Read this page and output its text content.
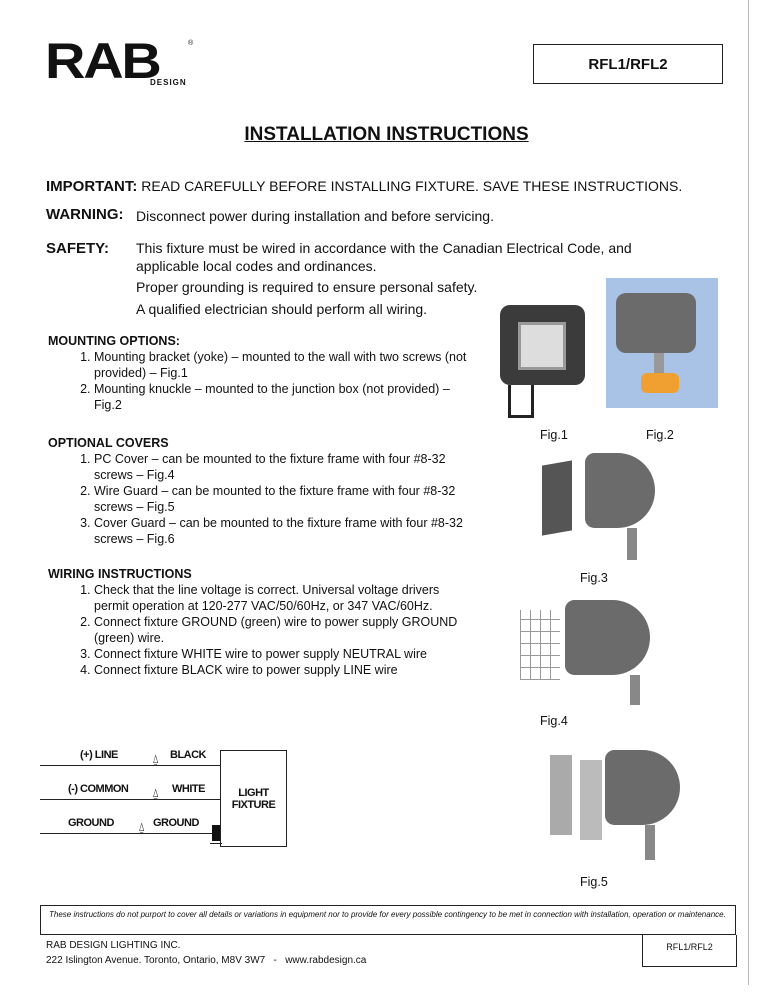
RAB	®
DESIGN
RFL1/RFL2
INSTALLATION INSTRUCTIONS
IMPORTANT: READ CAREFULLY BEFORE INSTALLING FIXTURE. SAVE THESE INSTRUCTIONS.
WARNING: Disconnect power during installation and before servicing.
SAFETY: This fixture must be wired in accordance with the Canadian Electrical Code, and applicable local codes and ordinances.
Proper grounding is required to ensure personal safety.
A qualified electrician should perform all wiring.
MOUNTING OPTIONS:
1. Mounting bracket (yoke) – mounted to the wall with two screws (not provided) – Fig.1
2. Mounting knuckle – mounted to the junction box (not provided) – Fig.2
OPTIONAL COVERS
1. PC Cover – can be mounted to the fixture frame with four #8-32 screws – Fig.4
2. Wire Guard – can be mounted to the fixture frame with four #8-32 screws – Fig.5
3. Cover Guard – can be mounted to the fixture frame with four #8-32 screws – Fig.6
WIRING INSTRUCTIONS
1. Check that the line voltage is correct. Universal voltage drivers permit operation at 120-277 VAC/50/60Hz, or 347 VAC/60Hz.
2. Connect fixture GROUND (green) wire to power supply GROUND (green) wire.
3. Connect fixture WHITE wire to power supply NEUTRAL wire
4. Connect fixture BLACK wire to power supply LINE wire
Fig.1	Fig.2
Fig.3
Fig.4
Fig.5
(+) LINE	BLACK
(-) COMMON	WHITE
GROUND	GROUND
⍙
⍙
⍙
LIGHT
FIXTURE
These instructions do not purport to cover all details or variations in equipment nor to provide for every possible contingency to be met in connection with installation, operation or maintenance.
RAB DESIGN LIGHTING INC.
222 Islington Avenue. Toronto, Ontario, M8V 3W7   -   www.rabdesign.ca
RFL1/RFL2
